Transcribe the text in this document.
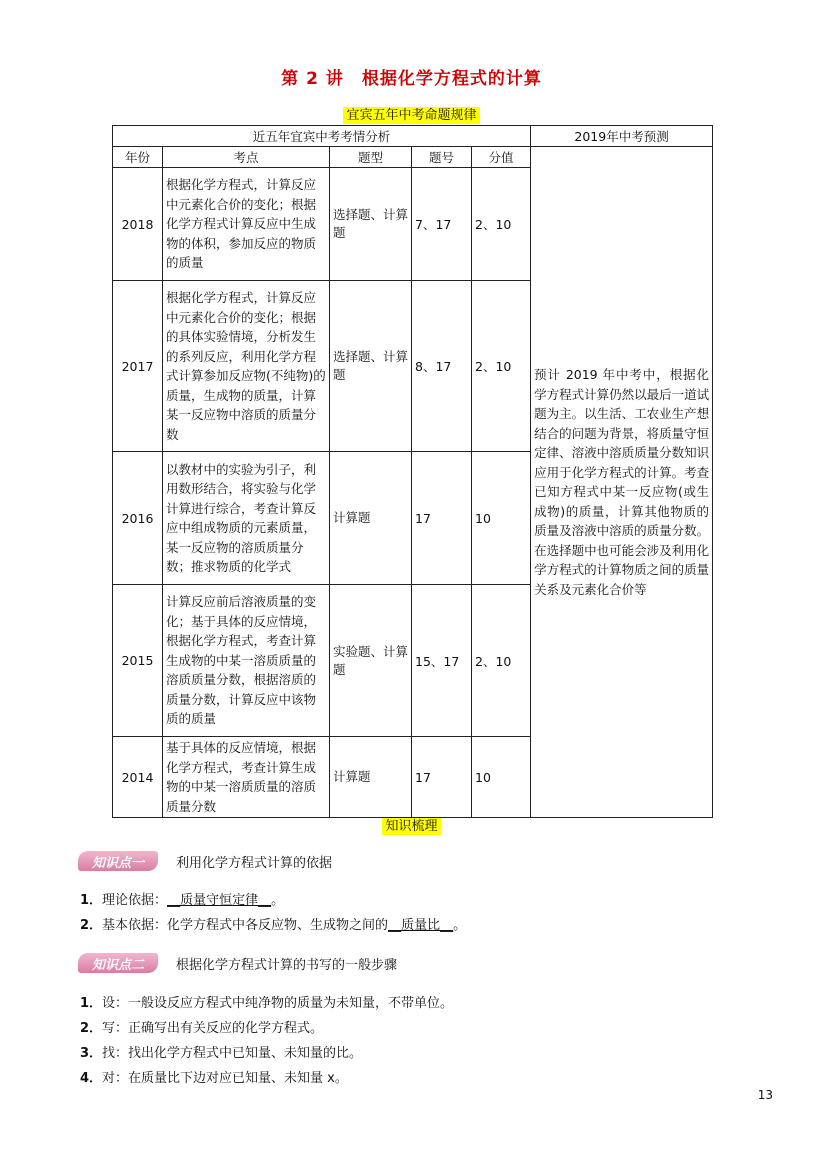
第 2 讲　根据化学方程式的计算
宜宾五年中考命题规律
近五年宜宾中考考情分析					2019年中考预测
年份	考点	题型	题号	分值	预计 2019 年中考中，根据化学方程式计算仍然以最后一道试题为主。以生活、工农业生产想结合的问题为背景，将质量守恒定律、溶液中溶质质量分数知识应用于化学方程式的计算。考查已知方程式中某一反应物(或生成物)的质量，计算其他物质的质量及溶液中溶质的质量分数。在选择题中也可能会涉及利用化学方程式的计算物质之间的质量关系及元素化合价等
2018	根据化学方程式，计算反应中元素化合价的变化；根据化学方程式计算反应中生成物的体积，参加反应的物质的质量	选择题、计算题	7、17	2、10	
2017	根据化学方程式，计算反应中元素化合价的变化；根据的具体实验情境，分析发生的系列反应，利用化学方程式计算参加反应物(不纯物)的质量，生成物的质量，计算某一反应物中溶质的质量分数	选择题、计算题	8、17	2、10	
2016	以教材中的实验为引子，利用数形结合，将实验与化学计算进行综合，考查计算反应中组成物质的元素质量，某一反应物的溶质质量分数；推求物质的化学式	计算题	17	10	
2015	计算反应前后溶液质量的变化；基于具体的反应情境，根据化学方程式，考查计算生成物的中某一溶质质量的溶质质量分数，根据溶质的质量分数，计算反应中该物质的质量	实验题、计算题	15、17	2、10	
2014	基于具体的反应情境，根据化学方程式，考查计算生成物的中某一溶质质量的溶质质量分数	计算题	17	10	
知识梳理
知识点一	利用化学方程式计算的依据
1．理论依据：__质量守恒定律__。
2．基本依据：化学方程式中各反应物、生成物之间的__质量比__。
知识点二	根据化学方程式计算的书写的一般步骤
1．设：一般设反应方程式中纯净物的质量为未知量，不带单位。
2．写：正确写出有关反应的化学方程式。
3．找：找出化学方程式中已知量、未知量的比。
4．对：在质量比下边对应已知量、未知量 x。
13
